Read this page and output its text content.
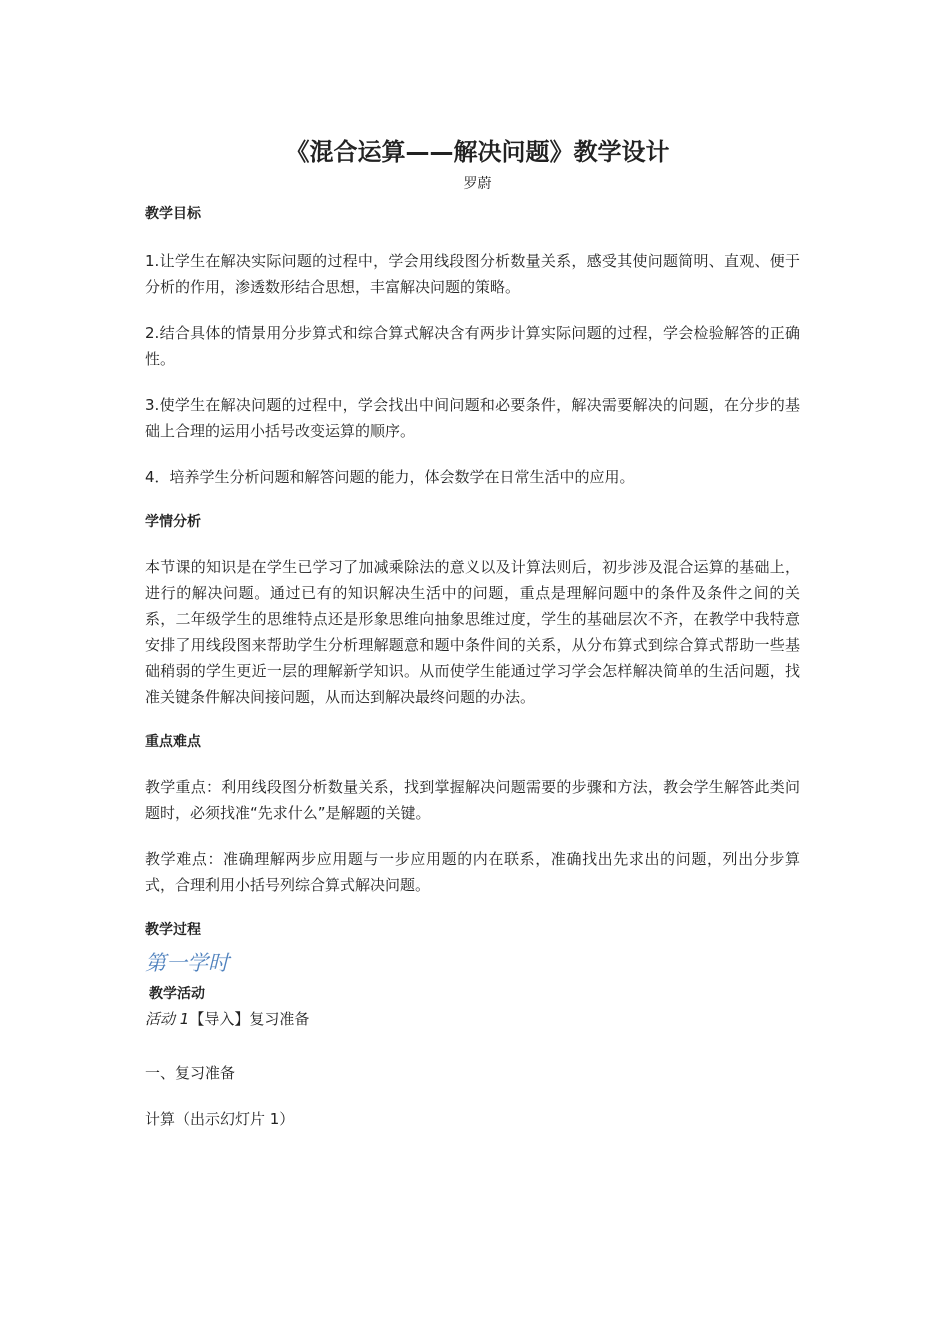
《混合运算——解决问题》教学设计

罗蔚

教学目标

1.让学生在解决实际问题的过程中，学会用线段图分析数量关系，感受其使问题简明、直观、便于分析的作用，渗透数形结合思想，丰富解决问题的策略。

2.结合具体的情景用分步算式和综合算式解决含有两步计算实际问题的过程，学会检验解答的正确性。

3.使学生在解决问题的过程中，学会找出中间问题和必要条件，解决需要解决的问题，在分步的基础上合理的运用小括号改变运算的顺序。

4．培养学生分析问题和解答问题的能力，体会数学在日常生活中的应用。

学情分析

本节课的知识是在学生已学习了加减乘除法的意义以及计算法则后，初步涉及混合运算的基础上，进行的解决问题。通过已有的知识解决生活中的问题，重点是理解问题中的条件及条件之间的关系，二年级学生的思维特点还是形象思维向抽象思维过度，学生的基础层次不齐，在教学中我特意安排了用线段图来帮助学生分析理解题意和题中条件间的关系，从分布算式到综合算式帮助一些基础稍弱的学生更近一层的理解新学知识。从而使学生能通过学习学会怎样解决简单的生活问题，找准关键条件解决间接问题，从而达到解决最终问题的办法。

重点难点

教学重点：利用线段图分析数量关系，找到掌握解决问题需要的步骤和方法，教会学生解答此类问题时，必须找准“先求什么”是解题的关键。

教学难点：准确理解两步应用题与一步应用题的内在联系，准确找出先求出的问题，列出分步算式，合理利用小括号列综合算式解决问题。

教学过程

第一学时

教学活动

活动 1【导入】复习准备

一、复习准备

计算（出示幻灯片 1）
